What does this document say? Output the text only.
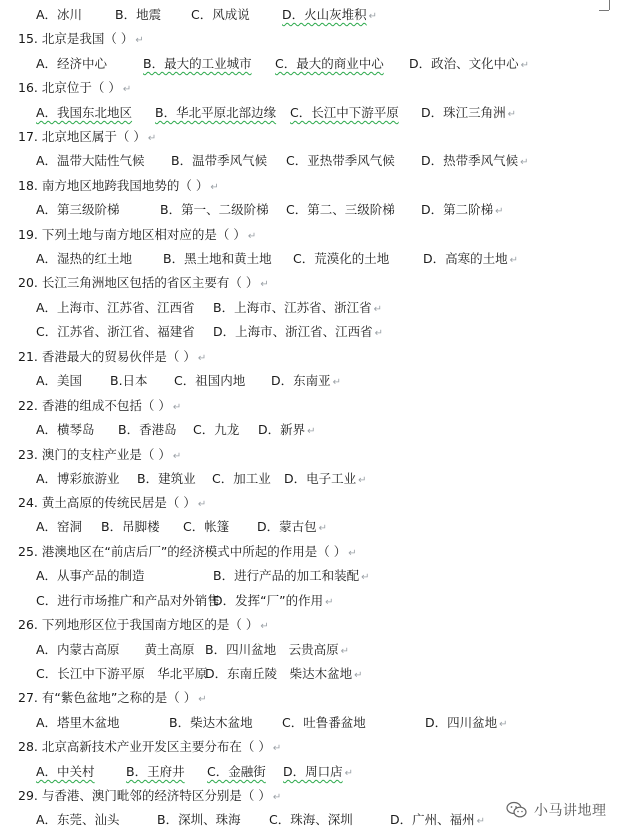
A．冰川	B．地震 C．风成说	D．火山灰堆积 ↵
15. 北京是我国（ ） ↵
A．经济中心	B．最大的工业城市 C．最大的商业中心 D．政治、文化中心 ↵
16. 北京位于（ ） ↵
A．我国东北地区 B．华北平原北部边缘 C．长江中下游平原 D．珠江三角洲 ↵
17. 北京地区属于（ ） ↵
A．温带大陆性气候 B．温带季风气候 C．亚热带季风气候 D．热带季风气候 ↵
18. 南方地区地跨我国地势的（ ） ↵
A．第三级阶梯	B．第一、二级阶梯 C．第二、三级阶梯 D．第二阶梯 ↵
19. 下列土地与南方地区相对应的是（ ） ↵
A．湿热的红土地 B．黑土地和黄土地 C．荒漠化的土地	D．高寒的土地 ↵
20. 长江三角洲地区包括的省区主要有（ ） ↵
A．上海市、江苏省、江西省 B．上海市、江苏省、浙江省 ↵
C．江苏省、浙江省、福建省 D．上海市、浙江省、江西省 ↵
21. 香港最大的贸易伙伴是（ ） ↵
A．美国 B.日本 C．祖国内地 D．东南亚 ↵
22. 香港的组成不包括（ ） ↵
A．横琴岛 B．香港岛 C．九龙 D．新界 ↵
23. 澳门的支柱产业是（ ） ↵
A．博彩旅游业 B．建筑业 C．加工业 D．电子工业 ↵
24. 黄土高原的传统民居是（ ） ↵
A．窑洞 B．吊脚楼 C．帐篷 D．蒙古包 ↵
25. 港澳地区在“前店后厂”的经济模式中所起的作用是（ ） ↵
A．从事产品的制造	B．进行产品的加工和装配 ↵
C．进行市场推广和产品对外销售
D．发挥“厂”的作用 ↵
26. 下列地形区位于我国南方地区的是（ ） ↵
A．内蒙古高原　　黄土高原 B．四川盆地　云贵高原 ↵
C．长江中下游平原　华北平原
D．东南丘陵　柴达木盆地 ↵
27. 有“紫色盆地”之称的是（ ） ↵
A．塔里木盆地	B．柴达木盆地 C．吐鲁番盆地	D．四川盆地 ↵
28. 北京高新技术产业开发区主要分布在（ ） ↵
A．中关村	B．王府井 C．金融街 D．周口店 ↵
29. 与香港、澳门毗邻的经济特区分别是（ ） ↵
A．东莞、汕头	B．深圳、珠海 C．珠海、深圳	D．广州、福州 ↵
小马讲地理
